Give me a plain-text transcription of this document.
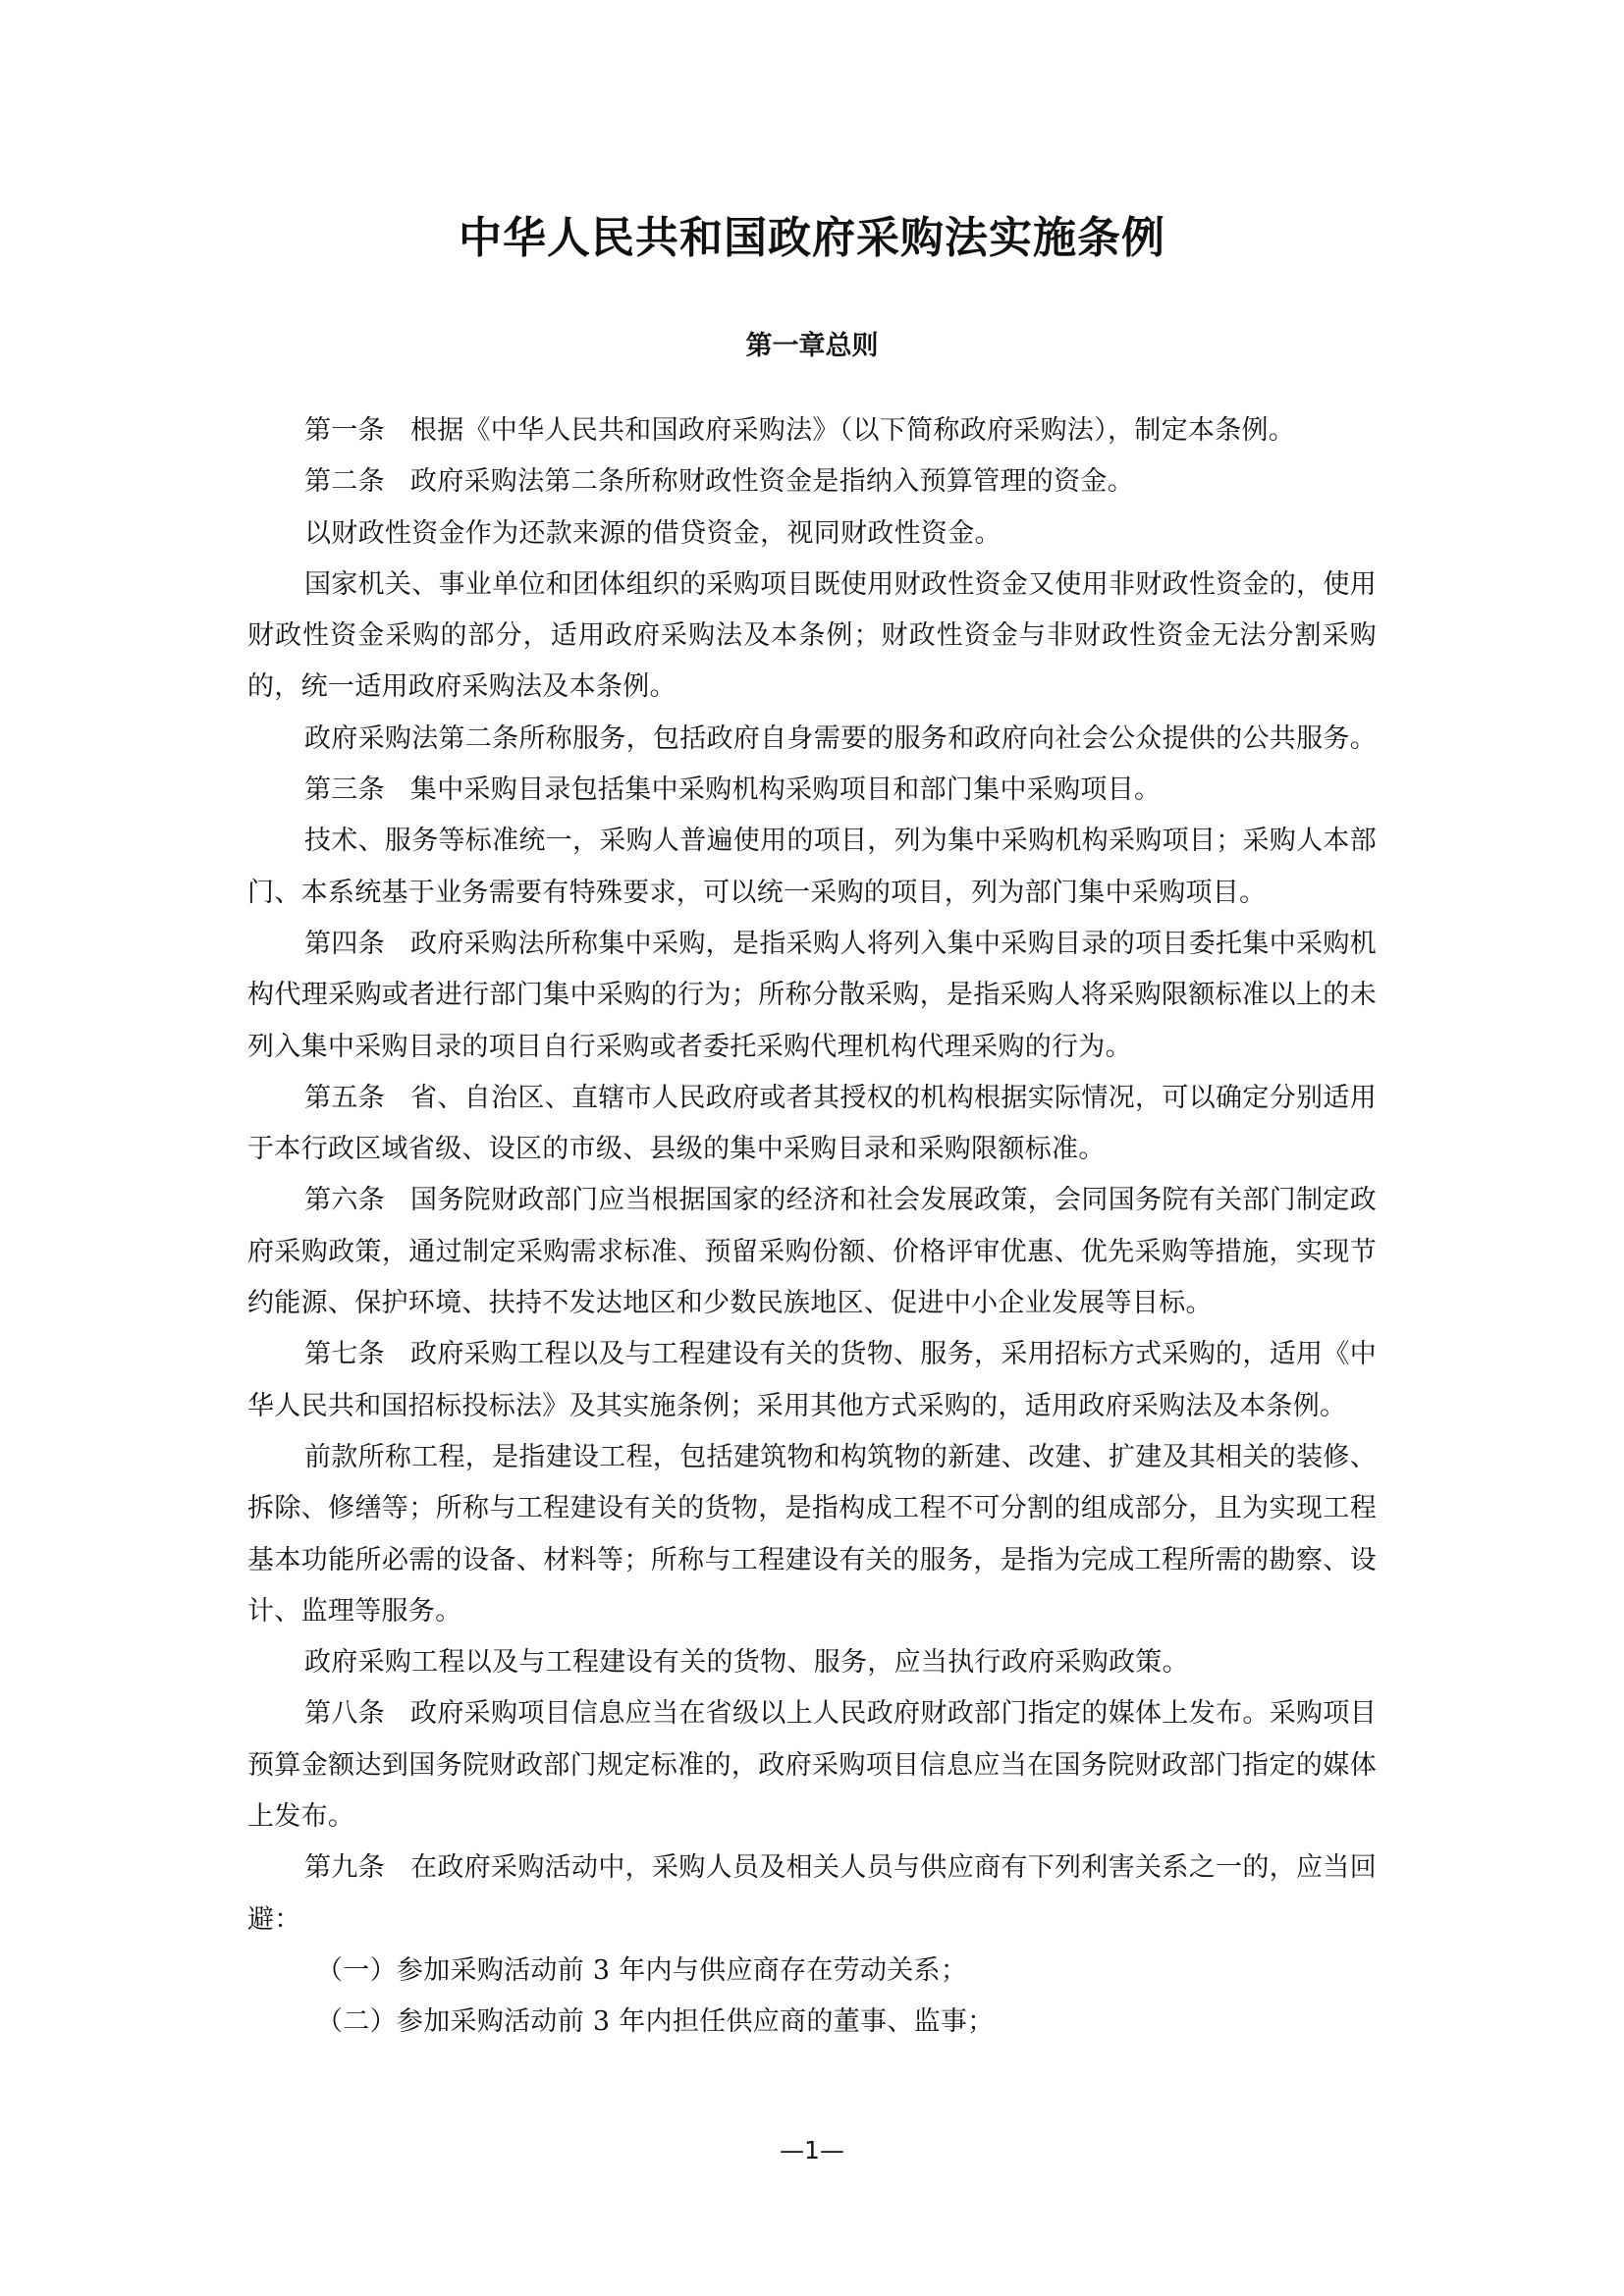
中华人民共和国政府采购法实施条例
第一章总则

第一条 根据《中华人民共和国政府采购法》（以下简称政府采购法），制定本条例。

第二条 政府采购法第二条所称财政性资金是指纳入预算管理的资金。

以财政性资金作为还款来源的借贷资金，视同财政性资金。

国家机关、事业单位和团体组织的采购项目既使用财政性资金又使用非财政性资金的，使用财政性资金采购的部分，适用政府采购法及本条例；财政性资金与非财政性资金无法分割采购的，统一适用政府采购法及本条例。

政府采购法第二条所称服务，包括政府自身需要的服务和政府向社会公众提供的公共服务。

第三条 集中采购目录包括集中采购机构采购项目和部门集中采购项目。

技术、服务等标准统一，采购人普遍使用的项目，列为集中采购机构采购项目；采购人本部门、本系统基于业务需要有特殊要求，可以统一采购的项目，列为部门集中采购项目。

第四条 政府采购法所称集中采购，是指采购人将列入集中采购目录的项目委托集中采购机构代理采购或者进行部门集中采购的行为；所称分散采购，是指采购人将采购限额标准以上的未列入集中采购目录的项目自行采购或者委托采购代理机构代理采购的行为。

第五条 省、自治区、直辖市人民政府或者其授权的机构根据实际情况，可以确定分别适用于本行政区域省级、设区的市级、县级的集中采购目录和采购限额标准。

第六条 国务院财政部门应当根据国家的经济和社会发展政策，会同国务院有关部门制定政府采购政策，通过制定采购需求标准、预留采购份额、价格评审优惠、优先采购等措施，实现节约能源、保护环境、扶持不发达地区和少数民族地区、促进中小企业发展等目标。

第七条 政府采购工程以及与工程建设有关的货物、服务，采用招标方式采购的，适用《中华人民共和国招标投标法》及其实施条例；采用其他方式采购的，适用政府采购法及本条例。

前款所称工程，是指建设工程，包括建筑物和构筑物的新建、改建、扩建及其相关的装修、拆除、修缮等；所称与工程建设有关的货物，是指构成工程不可分割的组成部分，且为实现工程基本功能所必需的设备、材料等；所称与工程建设有关的服务，是指为完成工程所需的勘察、设计、监理等服务。

政府采购工程以及与工程建设有关的货物、服务，应当执行政府采购政策。

第八条 政府采购项目信息应当在省级以上人民政府财政部门指定的媒体上发布。采购项目预算金额达到国务院财政部门规定标准的，政府采购项目信息应当在国务院财政部门指定的媒体上发布。

第九条 在政府采购活动中，采购人员及相关人员与供应商有下列利害关系之一的，应当回避：

（一）参加采购活动前 3 年内与供应商存在劳动关系；

（二）参加采购活动前 3 年内担任供应商的董事、监事；

—1—
